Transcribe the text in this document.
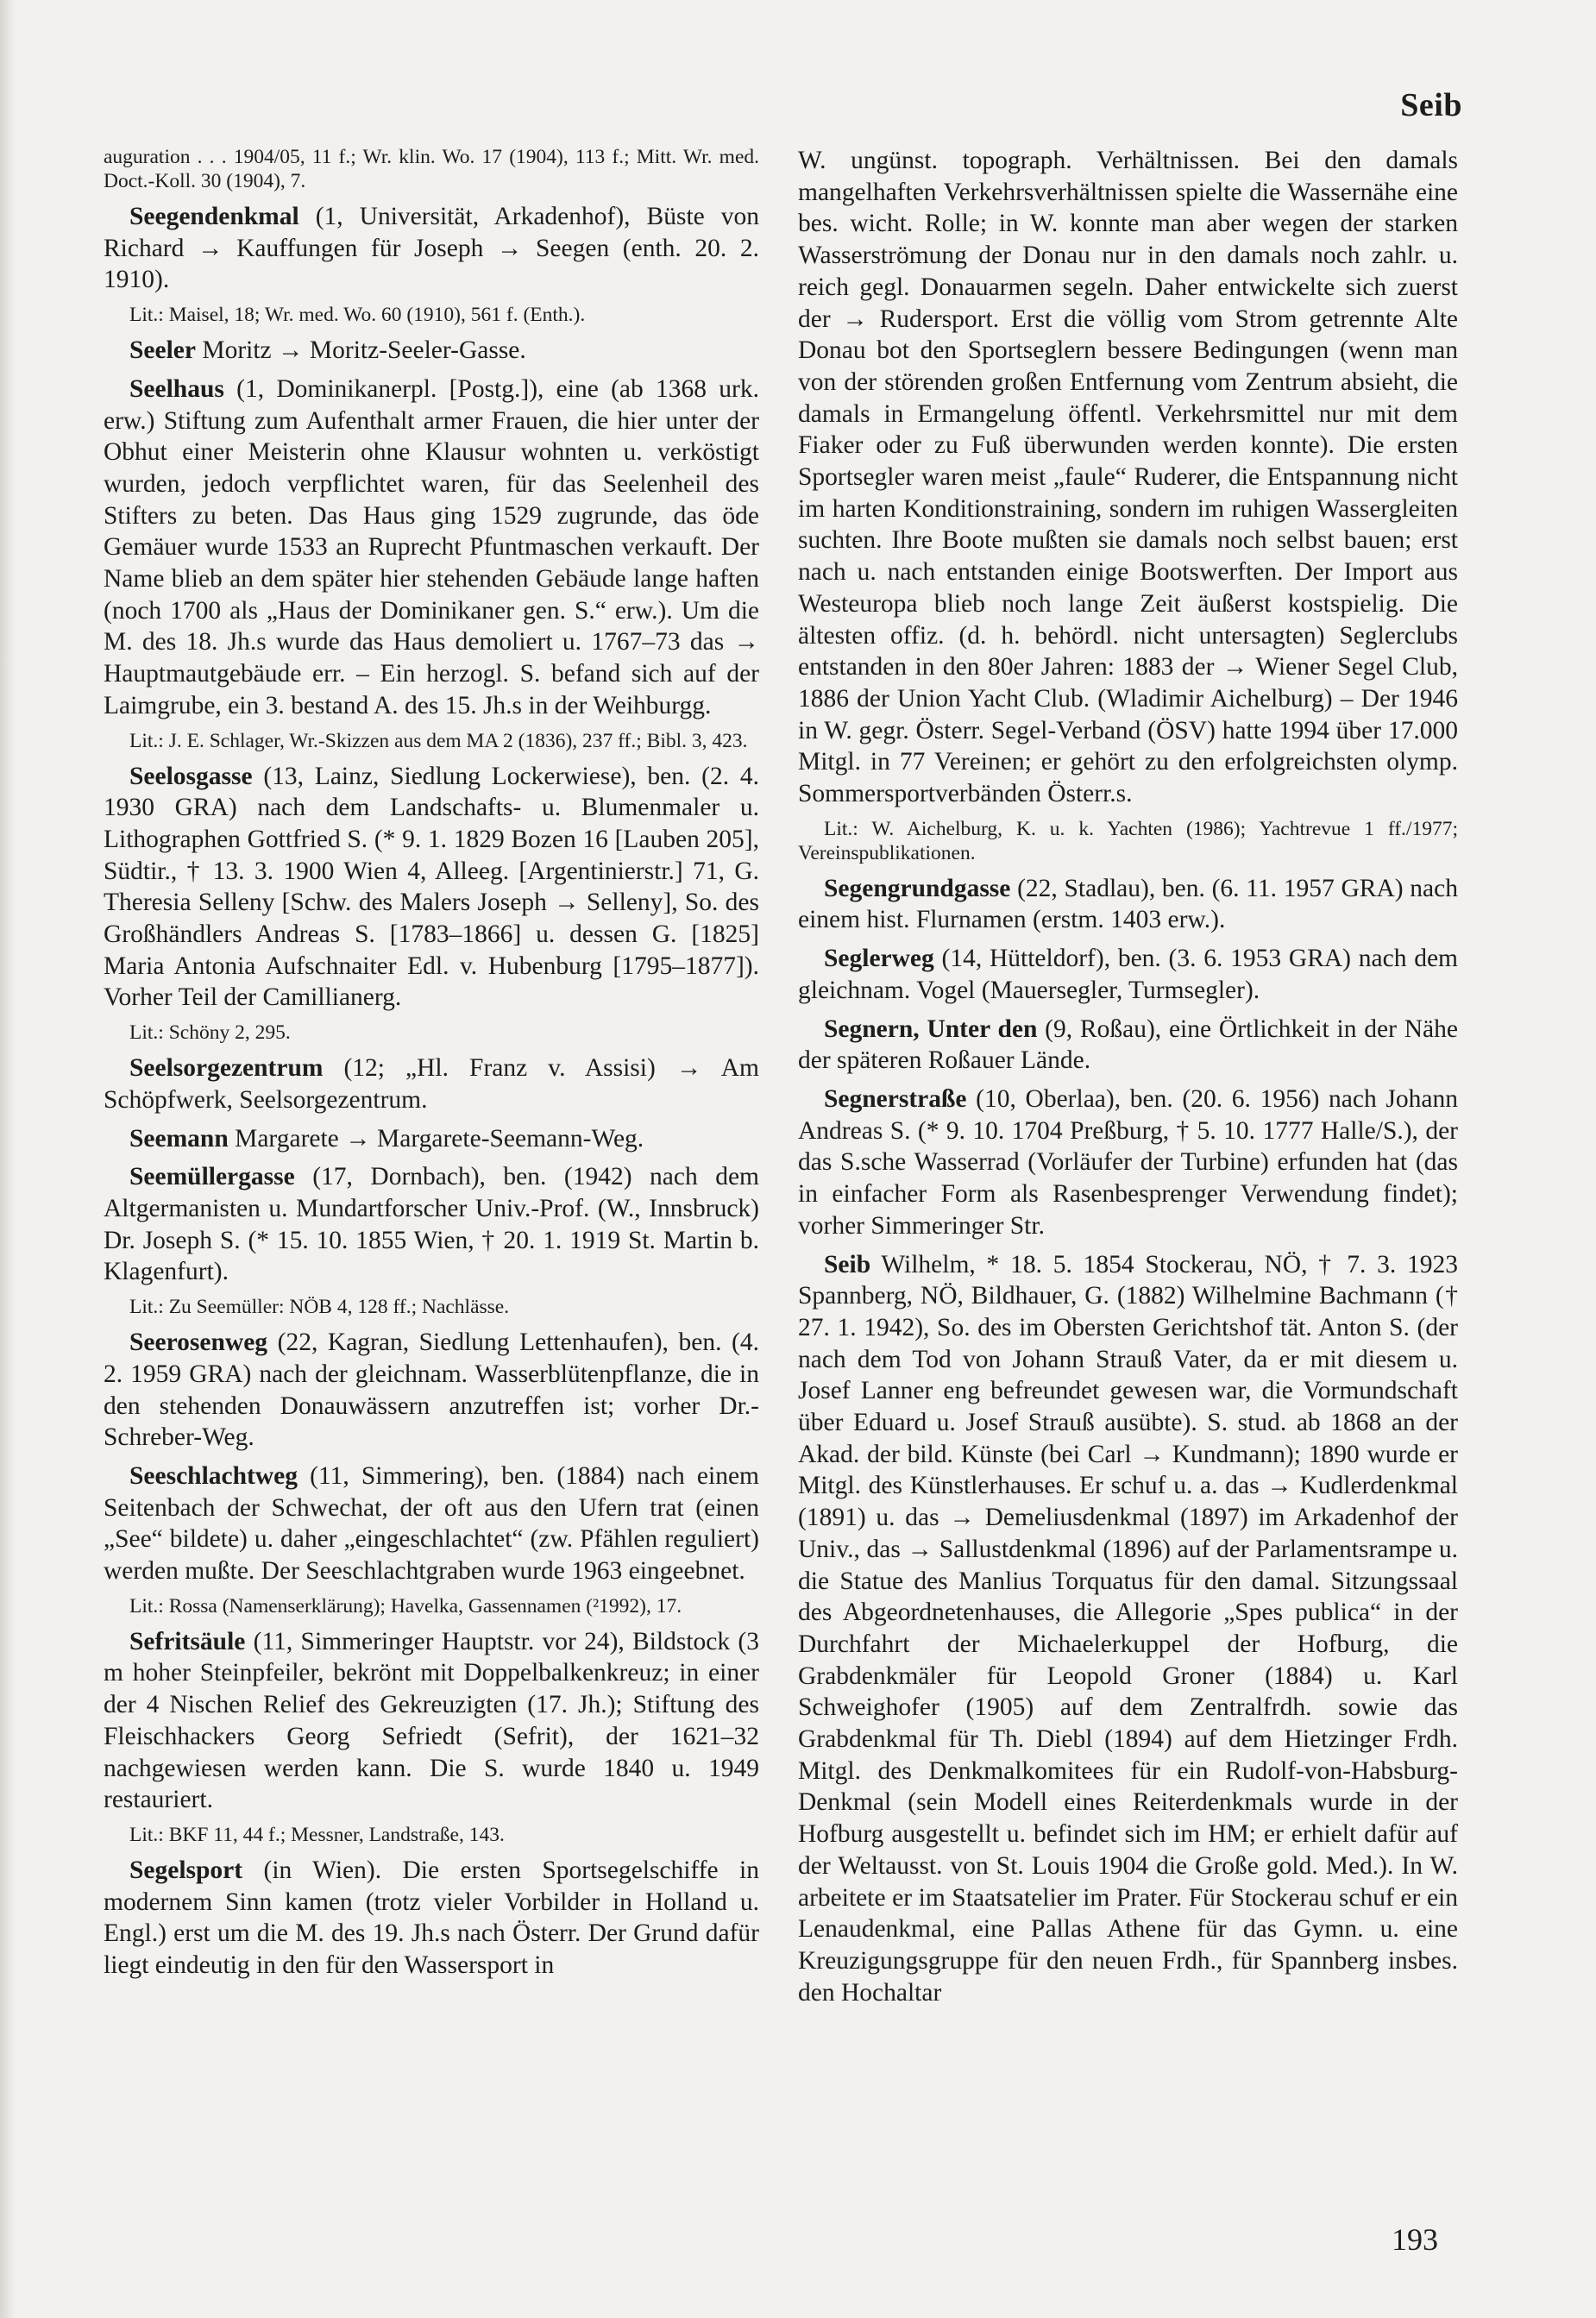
Seib

auguration . . . 1904/05, 11 f.; Wr. klin. Wo. 17 (1904), 113 f.; Mitt. Wr. med. Doct.-Koll. 30 (1904), 7.

Seegendenkmal (1, Universität, Arkadenhof), Büste von Richard → Kauffungen für Joseph → Seegen (enth. 20. 2. 1910).

Lit.: Maisel, 18; Wr. med. Wo. 60 (1910), 561 f. (Enth.).

Seeler Moritz → Moritz-Seeler-Gasse.

Seelhaus (1, Dominikanerpl. [Postg.]), eine (ab 1368 urk. erw.) Stiftung zum Aufenthalt armer Frauen, die hier unter der Obhut einer Meisterin ohne Klausur wohnten u. verköstigt wurden, jedoch verpflichtet waren, für das Seelenheil des Stifters zu beten. Das Haus ging 1529 zugrunde, das öde Gemäuer wurde 1533 an Ruprecht Pfuntmaschen verkauft. Der Name blieb an dem später hier stehenden Gebäude lange haften (noch 1700 als „Haus der Dominikaner gen. S.“ erw.). Um die M. des 18. Jh.s wurde das Haus demoliert u. 1767–73 das → Hauptmautgebäude err. – Ein herzogl. S. befand sich auf der Laimgrube, ein 3. bestand A. des 15. Jh.s in der Weihburgg.

Lit.: J. E. Schlager, Wr.-Skizzen aus dem MA 2 (1836), 237 ff.; Bibl. 3, 423.

Seelosgasse (13, Lainz, Siedlung Lockerwiese), ben. (2. 4. 1930 GRA) nach dem Landschafts- u. Blumenmaler u. Lithographen Gottfried S. (* 9. 1. 1829 Bozen 16 [Lauben 205], Südtir., † 13. 3. 1900 Wien 4, Alleeg. [Argentinierstr.] 71, G. Theresia Selleny [Schw. des Malers Joseph → Selleny], So. des Großhändlers Andreas S. [1783–1866] u. dessen G. [1825] Maria Antonia Aufschnaiter Edl. v. Hubenburg [1795–1877]). Vorher Teil der Camillianerg.

Lit.: Schöny 2, 295.

Seelsorgezentrum (12; „Hl. Franz v. Assisi) → Am Schöpfwerk, Seelsorgezentrum.

Seemann Margarete → Margarete-Seemann-Weg.

Seemüllergasse (17, Dornbach), ben. (1942) nach dem Altgermanisten u. Mundartforscher Univ.-Prof. (W., Innsbruck) Dr. Joseph S. (* 15. 10. 1855 Wien, † 20. 1. 1919 St. Martin b. Klagenfurt).

Lit.: Zu Seemüller: NÖB 4, 128 ff.; Nachlässe.

Seerosenweg (22, Kagran, Siedlung Lettenhaufen), ben. (4. 2. 1959 GRA) nach der gleichnam. Wasserblütenpflanze, die in den stehenden Donauwässern anzutreffen ist; vorher Dr.-Schreber-Weg.

Seeschlachtweg (11, Simmering), ben. (1884) nach einem Seitenbach der Schwechat, der oft aus den Ufern trat (einen „See“ bildete) u. daher „eingeschlachtet“ (zw. Pfählen reguliert) werden mußte. Der Seeschlachtgraben wurde 1963 eingeebnet.

Lit.: Rossa (Namenserklärung); Havelka, Gassennamen (²1992), 17.

Sefritsäule (11, Simmeringer Hauptstr. vor 24), Bildstock (3 m hoher Steinpfeiler, bekrönt mit Doppelbalkenkreuz; in einer der 4 Nischen Relief des Gekreuzigten (17. Jh.); Stiftung des Fleischhackers Georg Sefriedt (Sefrit), der 1621–32 nachgewiesen werden kann. Die S. wurde 1840 u. 1949 restauriert.

Lit.: BKF 11, 44 f.; Messner, Landstraße, 143.

Segelsport (in Wien). Die ersten Sportsegelschiffe in modernem Sinn kamen (trotz vieler Vorbilder in Holland u. Engl.) erst um die M. des 19. Jh.s nach Österr. Der Grund dafür liegt eindeutig in den für den Wassersport in

W. ungünst. topograph. Verhältnissen. Bei den damals mangelhaften Verkehrsverhältnissen spielte die Wassernähe eine bes. wicht. Rolle; in W. konnte man aber wegen der starken Wasserströmung der Donau nur in den damals noch zahlr. u. reich gegl. Donauarmen segeln. Daher entwickelte sich zuerst der → Rudersport. Erst die völlig vom Strom getrennte Alte Donau bot den Sportseglern bessere Bedingungen (wenn man von der störenden großen Entfernung vom Zentrum absieht, die damals in Ermangelung öffentl. Verkehrsmittel nur mit dem Fiaker oder zu Fuß überwunden werden konnte). Die ersten Sportsegler waren meist „faule“ Ruderer, die Entspannung nicht im harten Konditionstraining, sondern im ruhigen Wassergleiten suchten. Ihre Boote mußten sie damals noch selbst bauen; erst nach u. nach entstanden einige Bootswerften. Der Import aus Westeuropa blieb noch lange Zeit äußerst kostspielig. Die ältesten offiz. (d. h. behördl. nicht untersagten) Seglerclubs entstanden in den 80er Jahren: 1883 der → Wiener Segel Club, 1886 der Union Yacht Club. (Wladimir Aichelburg) – Der 1946 in W. gegr. Österr. Segel-Verband (ÖSV) hatte 1994 über 17.000 Mitgl. in 77 Vereinen; er gehört zu den erfolgreichsten olymp. Sommersportverbänden Österr.s.

Lit.: W. Aichelburg, K. u. k. Yachten (1986); Yachtrevue 1 ff./1977; Vereinspublikationen.

Segengrundgasse (22, Stadlau), ben. (6. 11. 1957 GRA) nach einem hist. Flurnamen (erstm. 1403 erw.).

Seglerweg (14, Hütteldorf), ben. (3. 6. 1953 GRA) nach dem gleichnam. Vogel (Mauersegler, Turmsegler).

Segnern, Unter den (9, Roßau), eine Örtlichkeit in der Nähe der späteren Roßauer Lände.

Segnerstraße (10, Oberlaa), ben. (20. 6. 1956) nach Johann Andreas S. (* 9. 10. 1704 Preßburg, † 5. 10. 1777 Halle/S.), der das S.sche Wasserrad (Vorläufer der Turbine) erfunden hat (das in einfacher Form als Rasenbesprenger Verwendung findet); vorher Simmeringer Str.

Seib Wilhelm, * 18. 5. 1854 Stockerau, NÖ, † 7. 3. 1923 Spannberg, NÖ, Bildhauer, G. (1882) Wilhelmine Bachmann († 27. 1. 1942), So. des im Obersten Gerichtshof tät. Anton S. (der nach dem Tod von Johann Strauß Vater, da er mit diesem u. Josef Lanner eng befreundet gewesen war, die Vormundschaft über Eduard u. Josef Strauß ausübte). S. stud. ab 1868 an der Akad. der bild. Künste (bei Carl → Kundmann); 1890 wurde er Mitgl. des Künstlerhauses. Er schuf u. a. das → Kudlerdenkmal (1891) u. das → Demeliusdenkmal (1897) im Arkadenhof der Univ., das → Sallustdenkmal (1896) auf der Parlamentsrampe u. die Statue des Manlius Torquatus für den damal. Sitzungssaal des Abgeordnetenhauses, die Allegorie „Spes publica“ in der Durchfahrt der Michaelerkuppel der Hofburg, die Grabdenkmäler für Leopold Groner (1884) u. Karl Schweighofer (1905) auf dem Zentralfrdh. sowie das Grabdenkmal für Th. Diebl (1894) auf dem Hietzinger Frdh. Mitgl. des Denkmalkomitees für ein Rudolf-von-Habsburg-Denkmal (sein Modell eines Reiterdenkmals wurde in der Hofburg ausgestellt u. befindet sich im HM; er erhielt dafür auf der Weltausst. von St. Louis 1904 die Große gold. Med.). In W. arbeitete er im Staatsatelier im Prater. Für Stockerau schuf er ein Lenaudenkmal, eine Pallas Athene für das Gymn. u. eine Kreuzigungsgruppe für den neuen Frdh., für Spannberg insbes. den Hochaltar

193
